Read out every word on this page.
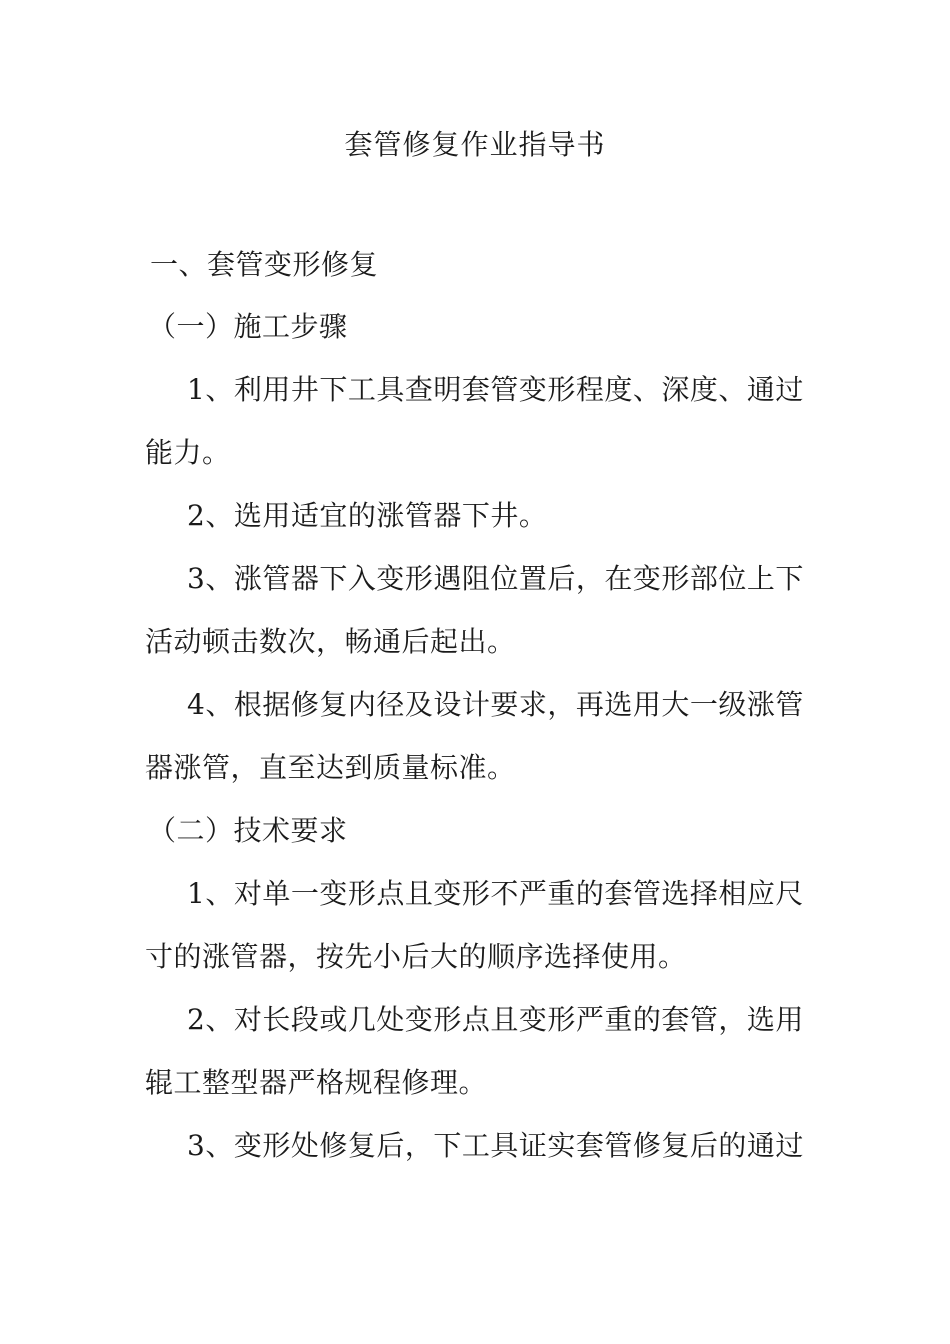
套管修复作业指导书
一、套管变形修复
（一）施工步骤
1、利用井下工具查明套管变形程度、深度、通过
能力。
2、选用适宜的涨管器下井。
3、涨管器下入变形遇阻位置后，在变形部位上下
活动顿击数次，畅通后起出。
4、根据修复内径及设计要求，再选用大一级涨管
器涨管，直至达到质量标准。
（二）技术要求
1、对单一变形点且变形不严重的套管选择相应尺
寸的涨管器，按先小后大的顺序选择使用。
2、对长段或几处变形点且变形严重的套管，选用
辊工整型器严格规程修理。
3、变形处修复后，下工具证实套管修复后的通过
